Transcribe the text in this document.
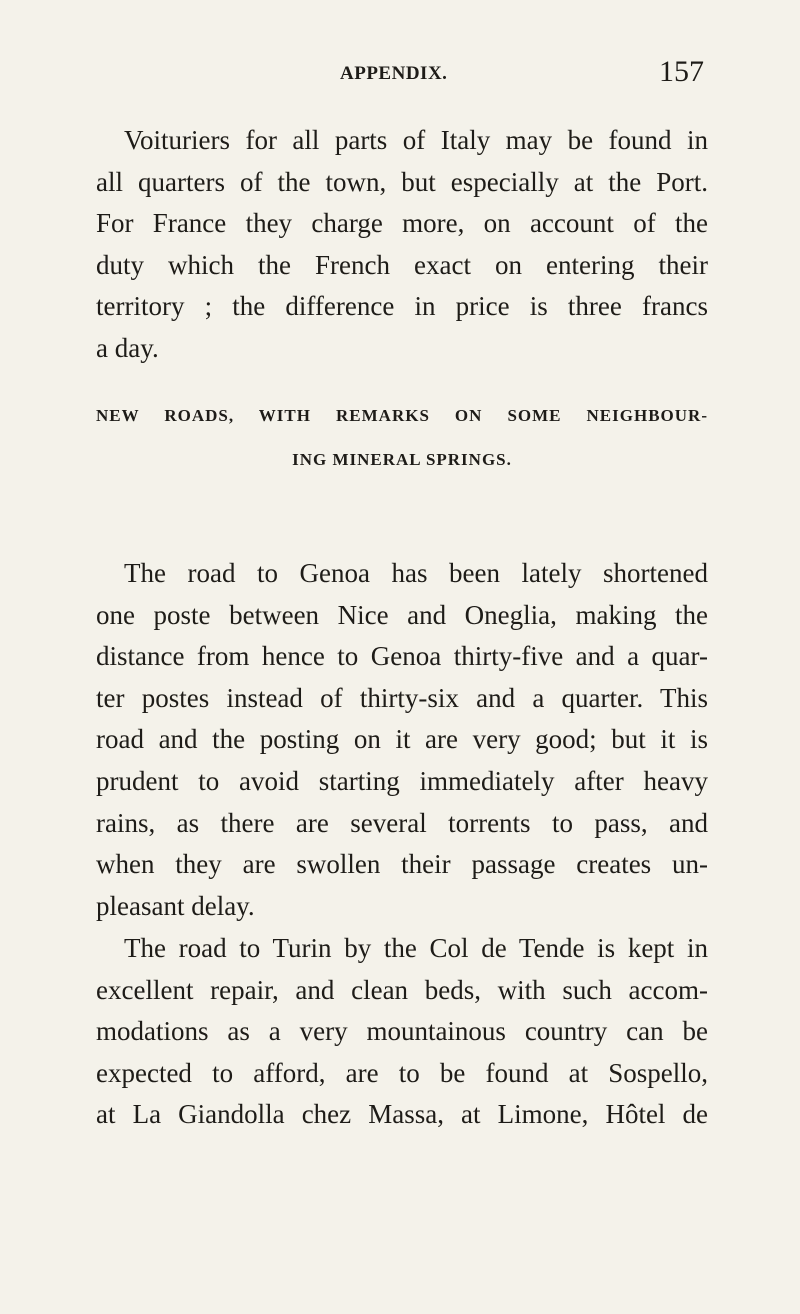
APPENDIX.	157
Voituriers for all parts of Italy may be found in
all quarters of the town, but especially at the Port.
For France they charge more, on account of the
duty which the French exact on entering their
territory ; the difference in price is three francs
a day.
NEW ROADS, WITH REMARKS ON SOME NEIGHBOUR-
ING MINERAL SPRINGS.
The road to Genoa has been lately shortened
one poste between Nice and Oneglia, making the
distance from hence to Genoa thirty-five and a quar-
ter postes instead of thirty-six and a quarter. This
road and the posting on it are very good; but it is
prudent to avoid starting immediately after heavy
rains, as there are several torrents to pass, and
when they are swollen their passage creates un-
pleasant delay.
The road to Turin by the Col de Tende is kept in
excellent repair, and clean beds, with such accom-
modations as a very mountainous country can be
expected to afford, are to be found at Sospello,
at La Giandolla chez Massa, at Limone, Hôtel de
